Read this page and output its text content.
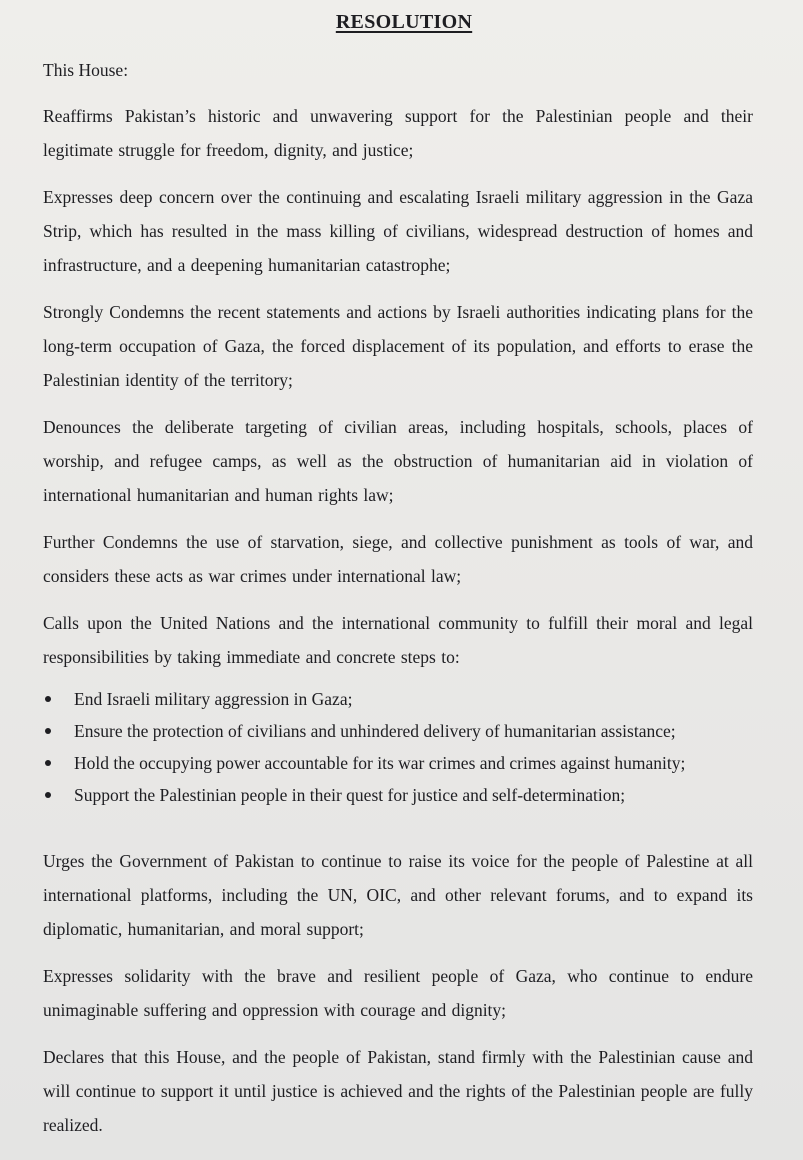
RESOLUTION
This House:

Reaffirms Pakistan’s historic and unwavering support for the Palestinian people and their legitimate struggle for freedom, dignity, and justice;

Expresses deep concern over the continuing and escalating Israeli military aggression in the Gaza Strip, which has resulted in the mass killing of civilians, widespread destruction of homes and infrastructure, and a deepening humanitarian catastrophe;

Strongly Condemns the recent statements and actions by Israeli authorities indicating plans for the long-term occupation of Gaza, the forced displacement of its population, and efforts to erase the Palestinian identity of the territory;

Denounces the deliberate targeting of civilian areas, including hospitals, schools, places of worship, and refugee camps, as well as the obstruction of humanitarian aid in violation of international humanitarian and human rights law;

Further Condemns the use of starvation, siege, and collective punishment as tools of war, and considers these acts as war crimes under international law;

Calls upon the United Nations and the international community to fulfill their moral and legal responsibilities by taking immediate and concrete steps to:

End Israeli military aggression in Gaza;
Ensure the protection of civilians and unhindered delivery of humanitarian assistance;
Hold the occupying power accountable for its war crimes and crimes against humanity;
Support the Palestinian people in their quest for justice and self-determination;

Urges the Government of Pakistan to continue to raise its voice for the people of Palestine at all international platforms, including the UN, OIC, and other relevant forums, and to expand its diplomatic, humanitarian, and moral support;

Expresses solidarity with the brave and resilient people of Gaza, who continue to endure unimaginable suffering and oppression with courage and dignity;

Declares that this House, and the people of Pakistan, stand firmly with the Palestinian cause and will continue to support it until justice is achieved and the rights of the Palestinian people are fully realized.
